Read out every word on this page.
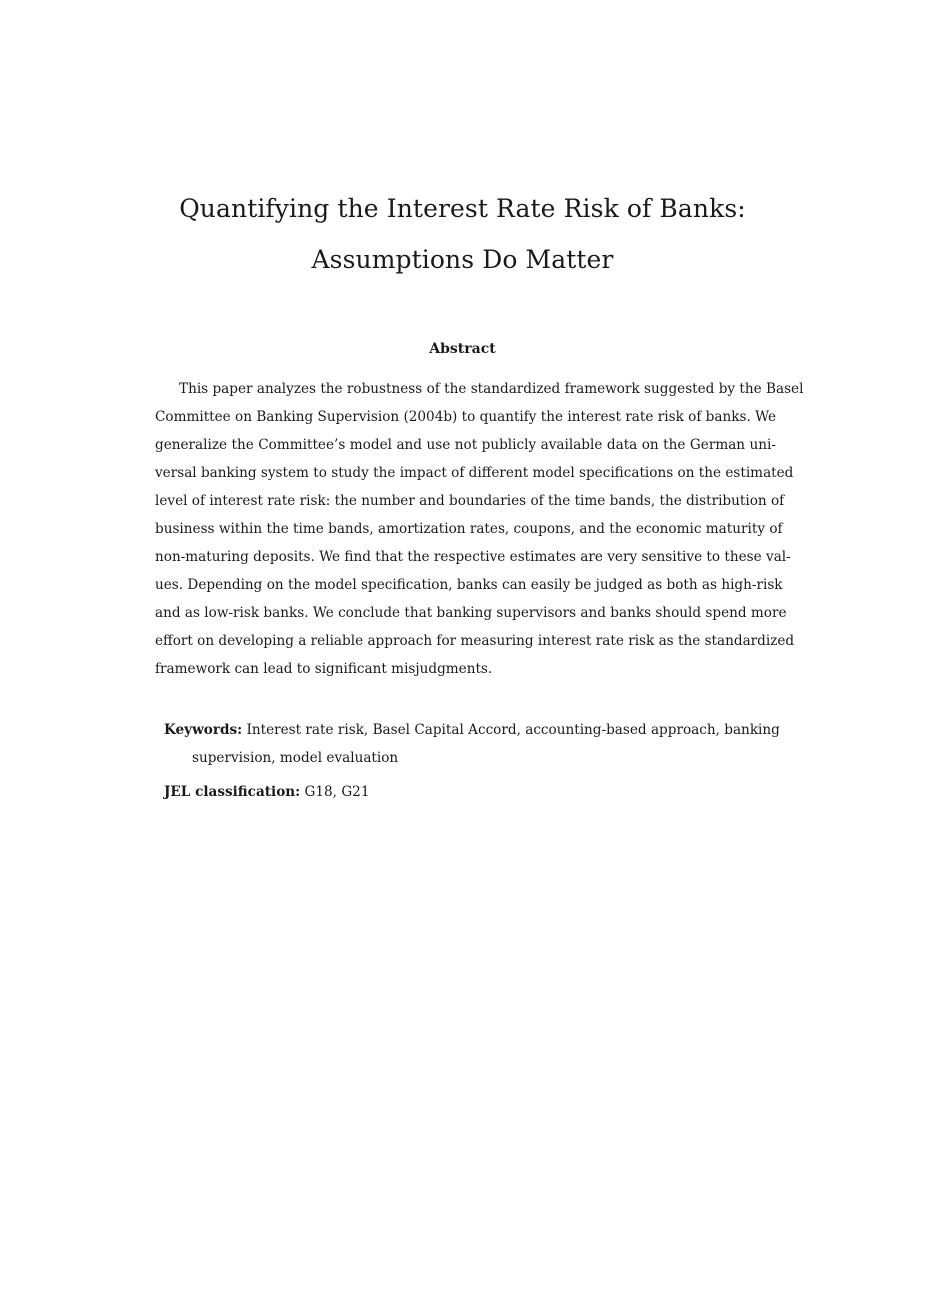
Quantifying the Interest Rate Risk of Banks:
Assumptions Do Matter
Abstract
This paper analyzes the robustness of the standardized framework suggested by the Basel
Committee on Banking Supervision (2004b) to quantify the interest rate risk of banks. We
generalize the Committee’s model and use not publicly available data on the German uni-
versal banking system to study the impact of different model specifications on the estimated
level of interest rate risk: the number and boundaries of the time bands, the distribution of
business within the time bands, amortization rates, coupons, and the economic maturity of
non-maturing deposits. We find that the respective estimates are very sensitive to these val-
ues. Depending on the model specification, banks can easily be judged as both as high-risk
and as low-risk banks. We conclude that banking supervisors and banks should spend more
effort on developing a reliable approach for measuring interest rate risk as the standardized
framework can lead to significant misjudgments.
Keywords: Interest rate risk, Basel Capital Accord, accounting-based approach, banking
supervision, model evaluation
JEL classification: G18, G21
